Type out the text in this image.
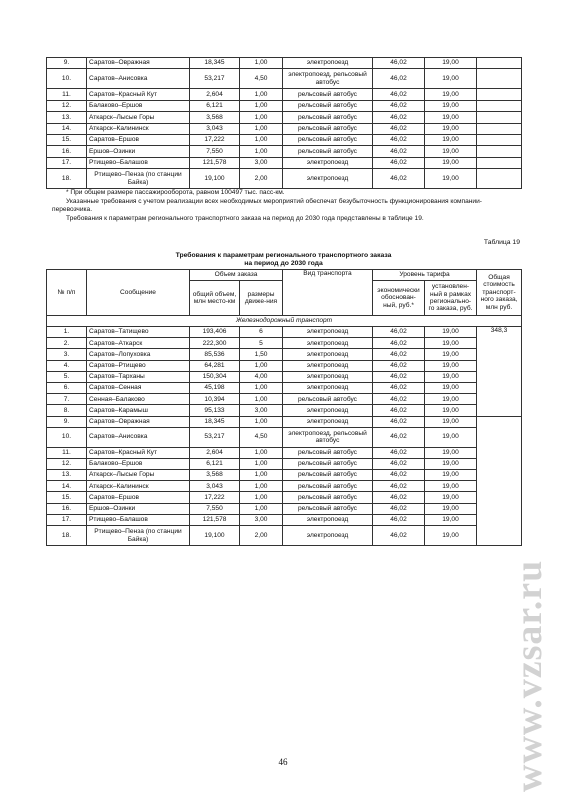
9.	Саратов–Овражная	18,345	1,00	электропоезд	46,02	19,00	
10.	Саратов–Анисовка	53,217	4,50	электропоезд, рельсовый автобус	46,02	19,00	
11.	Саратов–Красный Кут	2,604	1,00	рельсовый автобус	46,02	19,00	
12.	Балаково–Ершов	6,121	1,00	рельсовый автобус	46,02	19,00	
13.	Аткарск–Лысые Горы	3,568	1,00	рельсовый автобус	46,02	19,00	
14.	Аткарск–Калининск	3,043	1,00	рельсовый автобус	46,02	19,00	
15.	Саратов–Ершов	17,222	1,00	рельсовый автобус	46,02	19,00	
16.	Ершов–Озинки	7,550	1,00	рельсовый автобус	46,02	19,00	
17.	Ртищево–Балашов	121,578	3,00	электропоезд	46,02	19,00	
18.	Ртищево–Пенза (по станции Байка)	19,100	2,00	электропоезд	46,02	19,00	

* При общем размере пассажирооборота, равном 100497 тыс. пасс-км.

Указанные требования с учетом реализации всех необходимых мероприятий обеспечат безубыточность функционирования компании-перевозчика.

Требования к параметрам регионального транспортного заказа на период до 2030 года представлены в таблице 19.

Таблица 19
Требования к параметрам регионального транспортного заказа
на период до 2030 года
№ п/п	Сообщение	Объем заказа		Вид транспорта	Уровень тарифа		Общая стоимость транспорт-ного заказа, млн руб.
		общий объем, млн место-км	размеры движе-ния		экономически обоснован-ный, руб.*	установлен-ный в рамках регионально-го заказа, руб.	
Железнодорожный транспорт							
1.	Саратов–Татищево	193,406	6	электропоезд	46,02	19,00	348,3
2.	Саратов–Аткарск	222,300	5	электропоезд	46,02	19,00	
3.	Саратов–Лопуховка	85,536	1,50	электропоезд	46,02	19,00	
4.	Саратов–Ртищево	64,281	1,00	электропоезд	46,02	19,00	
5.	Саратов–Тарханы	150,304	4,00	электропоезд	46,02	19,00	
6.	Саратов–Сенная	45,198	1,00	электропоезд	46,02	19,00	
7.	Сенная–Балаково	10,394	1,00	рельсовый автобус	46,02	19,00	
8.	Саратов–Карамыш	95,133	3,00	электропоезд	46,02	19,00	
9.	Саратов–Овражная	18,345	1,00	электропоезд	46,02	19,00	
10.	Саратов–Анисовка	53,217	4,50	электропоезд, рельсовый автобус	46,02	19,00	
11.	Саратов–Красный Кут	2,604	1,00	рельсовый автобус	46,02	19,00	
12.	Балаково–Ершов	6,121	1,00	рельсовый автобус	46,02	19,00	
13.	Аткарск–Лысые Горы	3,568	1,00	рельсовый автобус	46,02	19,00	
14.	Аткарск–Калининск	3,043	1,00	рельсовый автобус	46,02	19,00	
15.	Саратов–Ершов	17,222	1,00	рельсовый автобус	46,02	19,00	
16.	Ершов–Озинки	7,550	1,00	рельсовый автобус	46,02	19,00	
17.	Ртищево–Балашов	121,578	3,00	электропоезд	46,02	19,00	
18.	Ртищево–Пенза (по станции Байка)	19,100	2,00	электропоезд	46,02	19,00	
46	www.vzsar.ru
